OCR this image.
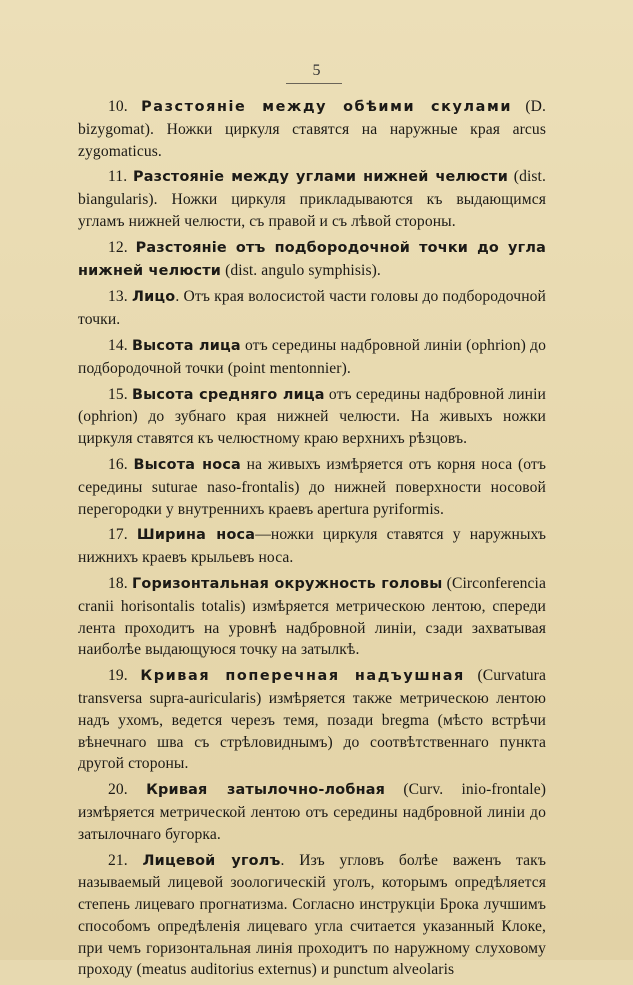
5

10. Разстояніе между обѣими скулами (D. bizygomat). Ножки циркуля ставятся на наружные края arcus zygomaticus.

11. Разстояніе между углами нижней челюсти (dist. biangularis). Ножки циркуля прикладываются къ выдающимся угламъ нижней челюсти, съ правой и съ лѣвой стороны.

12. Разстояніе отъ подбородочной точки до угла нижней челюсти (dist. angulo symphisis).

13. Лицо. Отъ края волосистой части головы до подбородочной точки.

14. Высота лица отъ середины надбровной линіи (ophrion) до подбородочной точки (point mentonnier).

15. Высота средняго лица отъ середины надбровной линіи (ophrion) до зубнаго края нижней челюсти. На живыхъ ножки циркуля ставятся къ челюстному краю верхнихъ рѣзцовъ.

16. Высота носа на живыхъ измѣряется отъ корня носа (отъ середины suturae naso-frontalis) до нижней поверхности носовой перегородки у внутреннихъ краевъ apertura pyriformis.

17. Ширина носа—ножки циркуля ставятся у наружныхъ нижнихъ краевъ крыльевъ носа.

18. Горизонтальная окружность головы (Circonferencia cranii horisontalis totalis) измѣряется метрическою лентою, спереди лента проходитъ на уровнѣ надбровной линіи, сзади захватывая наиболѣе выдающуюся точку на затылкѣ.

19. Кривая поперечная надъушная (Curvatura transversa supra-auricularis) измѣряется также метрическою лентою надъ ухомъ, ведется черезъ темя, позади bregma (мѣсто встрѣчи вѣнечнаго шва съ стрѣловиднымъ) до соотвѣтственнаго пункта другой стороны.

20. Кривая затылочно-лобная (Curv. inio-frontale) измѣряется метрической лентою отъ середины надбровной линіи до затылочнаго бугорка.

21. Лицевой уголъ. Изъ угловъ болѣе важенъ такъ называемый лицевой зоологическій уголъ, которымъ опредѣляется степень лицеваго прогнатизма. Согласно инструкціи Брока лучшимъ способомъ опредѣленія лицеваго угла считается указанный Клоке, при чемъ горизонтальная линія проходитъ по наружному слуховому проходу (meatus auditorius externus) и punctum alveolaris
